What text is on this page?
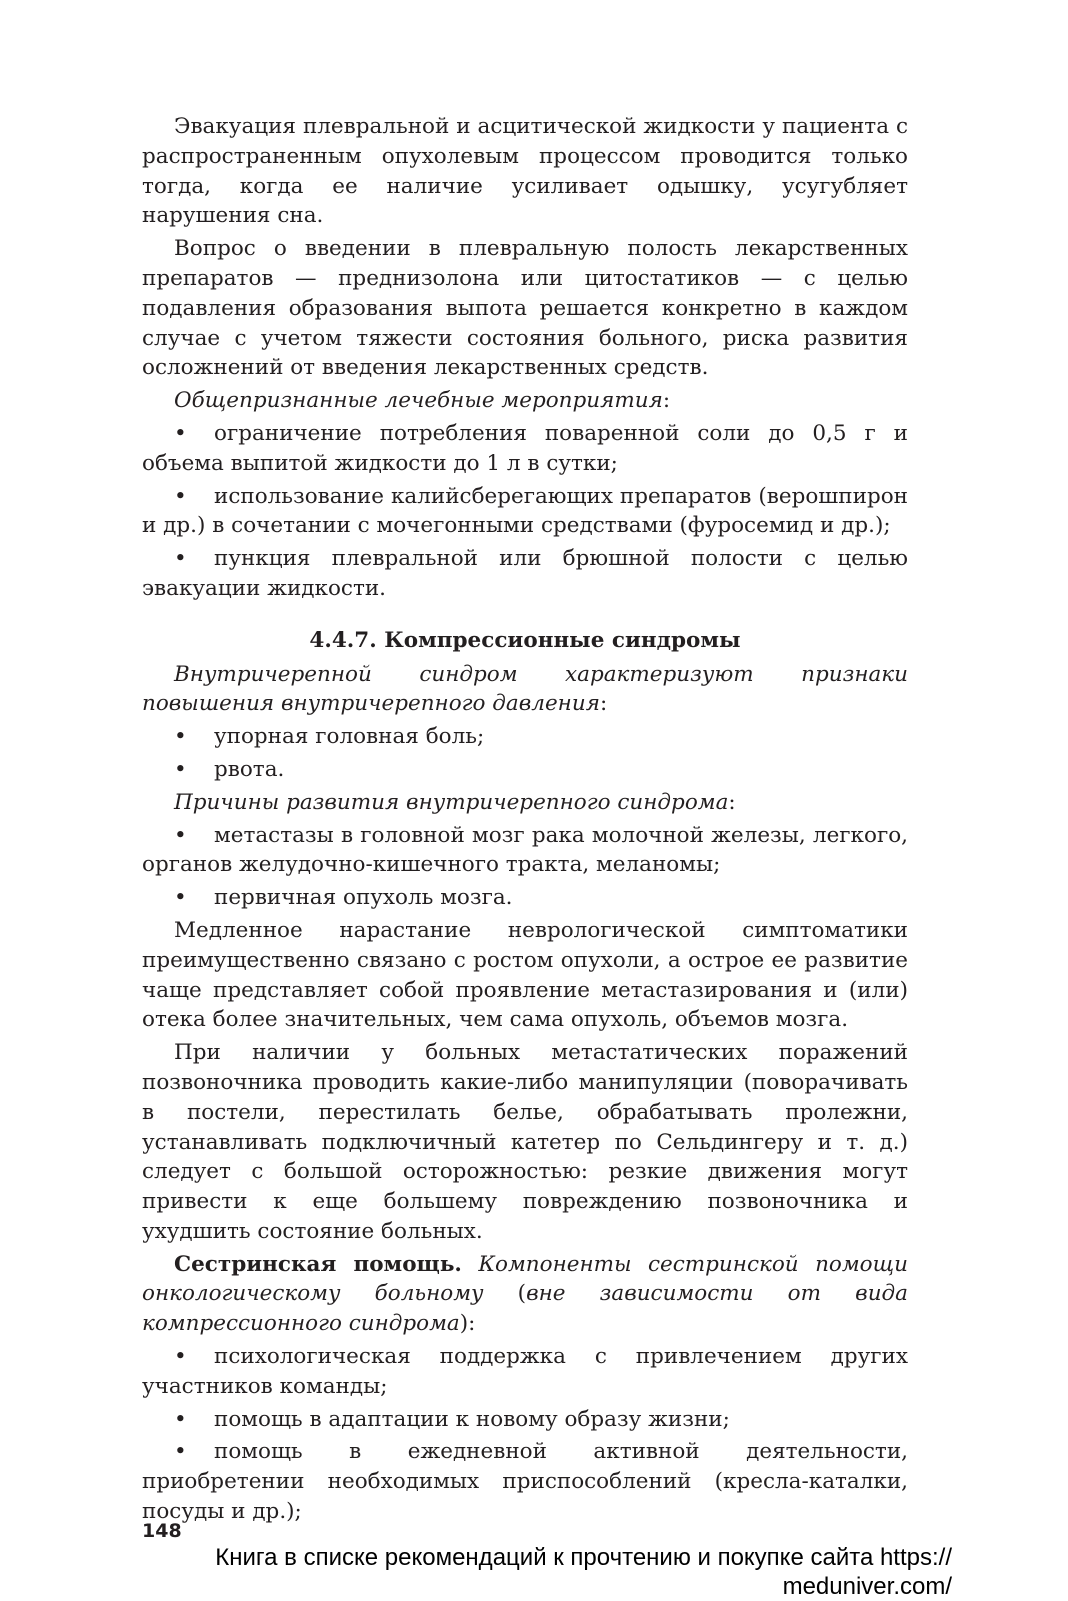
Эвакуация плевральной и асцитической жидкости у пациента с распространенным опухолевым процессом проводится только тогда, когда ее наличие усиливает одышку, усугубляет нарушения сна.

Вопрос о введении в плевральную полость лекарственных препаратов — преднизолона или цитостатиков — с целью подавления образования выпота решается конкретно в каждом случае с учетом тяжести состояния больного, риска развития осложнений от введения лекарственных средств.

Общепризнанные лечебные мероприятия:

• ограничение потребления поваренной соли до 0,5 г и объема выпитой жидкости до 1 л в сутки;

• использование калийсберегающих препаратов (верошпирон и др.) в сочетании с мочегонными средствами (фуросемид и др.);

• пункция плевральной или брюшной полости с целью эвакуации жидкости.

4.4.7. Компрессионные синдромы

Внутричерепной синдром характеризуют признаки повышения внутричерепного давления:

• упорная головная боль;

• рвота.

Причины развития внутричерепного синдрома:

• метастазы в головной мозг рака молочной железы, легкого, органов желудочно-кишечного тракта, меланомы;

• первичная опухоль мозга.

Медленное нарастание неврологической симптоматики преимущественно связано с ростом опухоли, а острое ее развитие чаще представляет собой проявление метастазирования и (или) отека более значительных, чем сама опухоль, объемов мозга.

При наличии у больных метастатических поражений позвоночника проводить какие-либо манипуляции (поворачивать в постели, перестилать белье, обрабатывать пролежни, устанавливать подключичный катетер по Сельдингеру и т. д.) следует с большой осторожностью: резкие движения могут привести к еще большему повреждению позвоночника и ухудшить состояние больных.

Сестринская помощь. Компоненты сестринской помощи онкологическому больному (вне зависимости от вида компрессионного синдрома):

• психологическая поддержка с привлечением других участников команды;

• помощь в адаптации к новому образу жизни;

• помощь в ежедневной активной деятельности, приобретении необходимых приспособлений (кресла-каталки, посуды и др.);

148
Книга в списке рекомендаций к прочтению и покупке сайта https://
meduniver.com/
